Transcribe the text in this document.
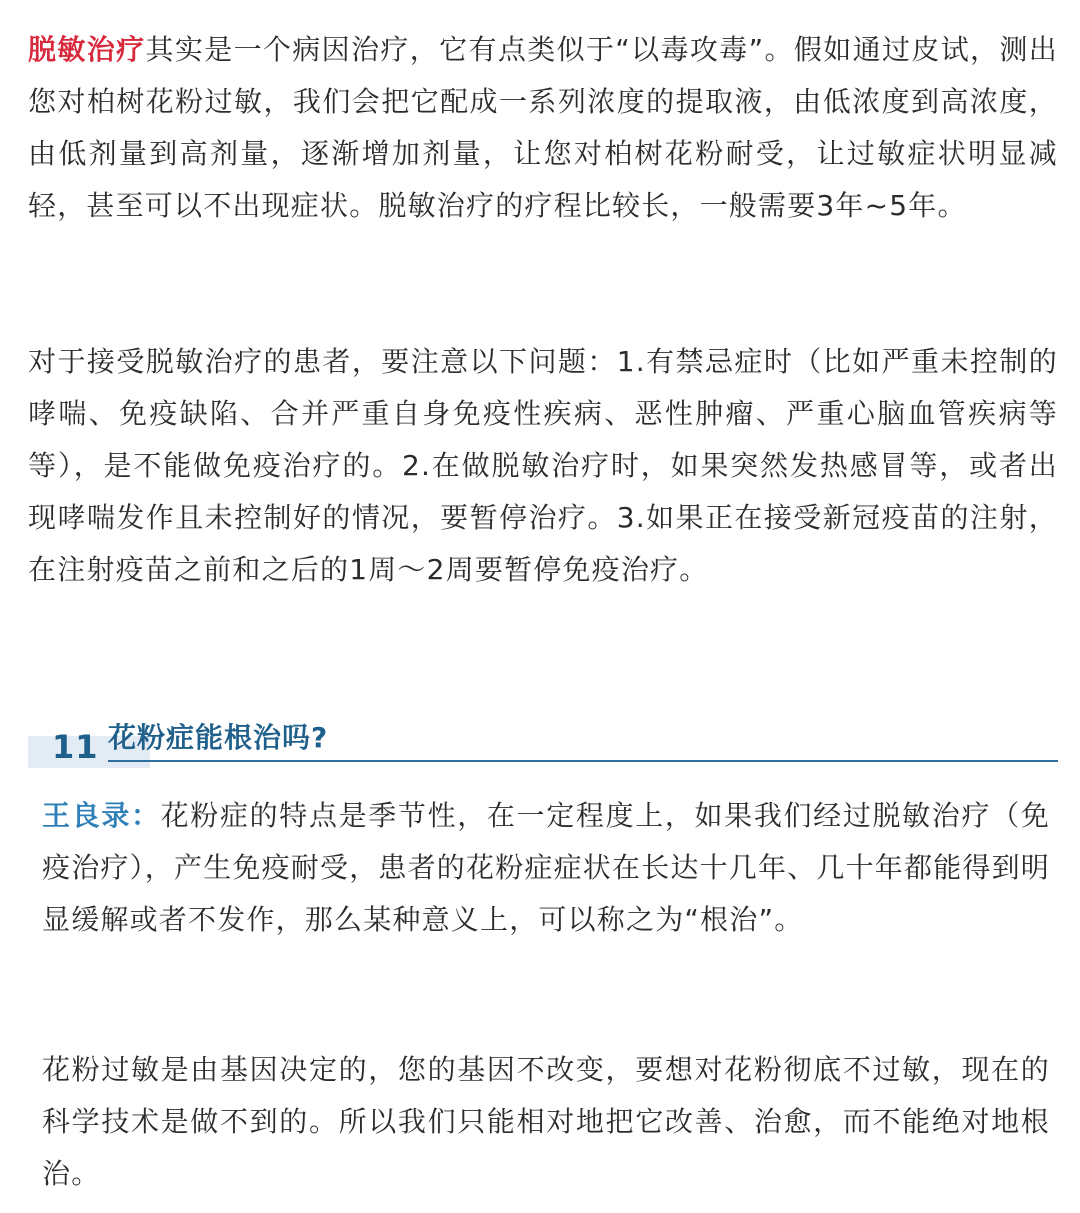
脱敏治疗其实是一个病因治疗，它有点类似于“以毒攻毒”。假如通过皮试，测出您对柏树花粉过敏，我们会把它配成一系列浓度的提取液，由低浓度到高浓度，由低剂量到高剂量，逐渐增加剂量，让您对柏树花粉耐受，让过敏症状明显减轻，甚至可以不出现症状。脱敏治疗的疗程比较长，一般需要3年~5年。

对于接受脱敏治疗的患者，要注意以下问题：1.有禁忌症时（比如严重未控制的哮喘、免疫缺陷、合并严重自身免疫性疾病、恶性肿瘤、严重心脑血管疾病等等），是不能做免疫治疗的。2.在做脱敏治疗时，如果突然发热感冒等，或者出现哮喘发作且未控制好的情况，要暂停治疗。3.如果正在接受新冠疫苗的注射，在注射疫苗之前和之后的1周～2周要暂停免疫治疗。

11 花粉症能根治吗?

王良录：花粉症的特点是季节性，在一定程度上，如果我们经过脱敏治疗（免疫治疗），产生免疫耐受，患者的花粉症症状在长达十几年、几十年都能得到明显缓解或者不发作，那么某种意义上，可以称之为“根治”。

花粉过敏是由基因决定的，您的基因不改变，要想对花粉彻底不过敏，现在的科学技术是做不到的。所以我们只能相对地把它改善、治愈，而不能绝对地根治。
